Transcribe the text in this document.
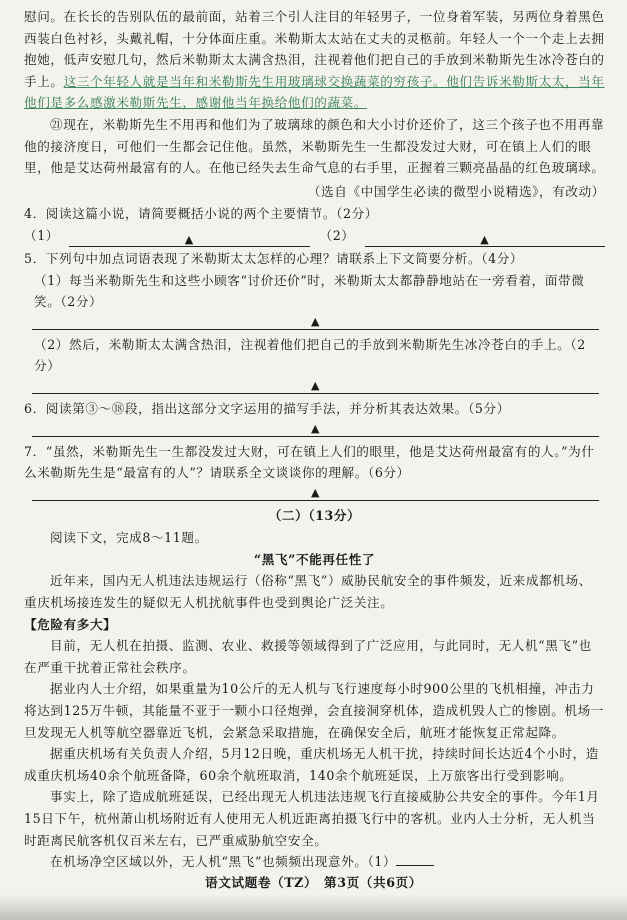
慰问。在长长的告别队伍的最前面，站着三个引人注目的年轻男子，一位身着军装，另两位身着黑色西装白色衬衫，头戴礼帽，十分体面庄重。米勒斯太太站在丈夫的灵柩前。年轻人一个一个走上去拥抱她，低声安慰几句，然后米勒斯太太满含热泪，注视着他们把自己的手放到米勒斯先生冰冷苍白的手上。这三个年轻人就是当年和米勒斯先生用玻璃球交换蔬菜的穷孩子。他们告诉米勒斯太太，当年他们是多么感激米勒斯先生，感谢他当年换给他们的蔬菜。

㉑现在，米勒斯先生不用再和他们为了玻璃球的颜色和大小讨价还价了，这三个孩子也不用再靠他的接济度日，可他们一生都会记住他。虽然，米勒斯先生一生都没发过大财，可在镇上人们的眼里，他是艾达荷州最富有的人。在他已经失去生命气息的右手里，正握着三颗亮晶晶的红色玻璃球。

（选自《中国学生必读的微型小说精选》，有改动）

4．阅读这篇小说，请简要概括小说的两个主要情节。（2分）

（1）	▲	（2）	▲

5．下列句中加点词语表现了米勒斯太太怎样的心理？请联系上下文简要分析。（4分）

（1）每当米勒斯先生和这些小顾客“讨价还价”时，米勒斯太太都静静地站在一旁看着，面带微笑。（2分）

▲

（2）然后，米勒斯太太满含热泪，注视着他们把自己的手放到米勒斯先生冰冷苍白的手上。（2分）

▲

6．阅读第③～⑱段，指出这部分文字运用的描写手法，并分析其表达效果。（5分）

▲

7．“虽然，米勒斯先生一生都没发过大财，可在镇上人们的眼里，他是艾达荷州最富有的人。”为什么米勒斯先生是“最富有的人”？请联系全文谈谈你的理解。（6分）

▲

（二）（13分）

阅读下文，完成8～11题。

“黑飞”不能再任性了

近年来，国内无人机违法违规运行（俗称“黑飞”）威胁民航安全的事件频发，近来成都机场、重庆机场接连发生的疑似无人机扰航事件也受到舆论广泛关注。

【危险有多大】

目前，无人机在拍摄、监测、农业、救援等领域得到了广泛应用，与此同时，无人机“黑飞”也在严重干扰着正常社会秩序。

据业内人士介绍，如果重量为10公斤的无人机与飞行速度每小时900公里的飞机相撞，冲击力将达到125万牛顿，其能量不亚于一颗小口径炮弹，会直接洞穿机体，造成机毁人亡的惨剧。机场一旦发现无人机等航空器靠近飞机，会紧急采取措施，在确保安全后，航班才能恢复正常起降。

据重庆机场有关负责人介绍，5月12日晚，重庆机场无人机干扰，持续时间长达近4个小时，造成重庆机场40余个航班备降，60余个航班取消，140余个航班延误，上万旅客出行受到影响。

事实上，除了造成航班延误，已经出现无人机违法违规飞行直接威胁公共安全的事件。今年1月15日下午，杭州萧山机场附近有人使用无人机近距离拍摄飞行中的客机。业内人士分析，无人机当时距离民航客机仅百米左右，已严重威胁航空安全。

在机场净空区域以外，无人机“黑飞”也频频出现意外。（1）

语文试题卷（TZ）　第3页（共6页）
